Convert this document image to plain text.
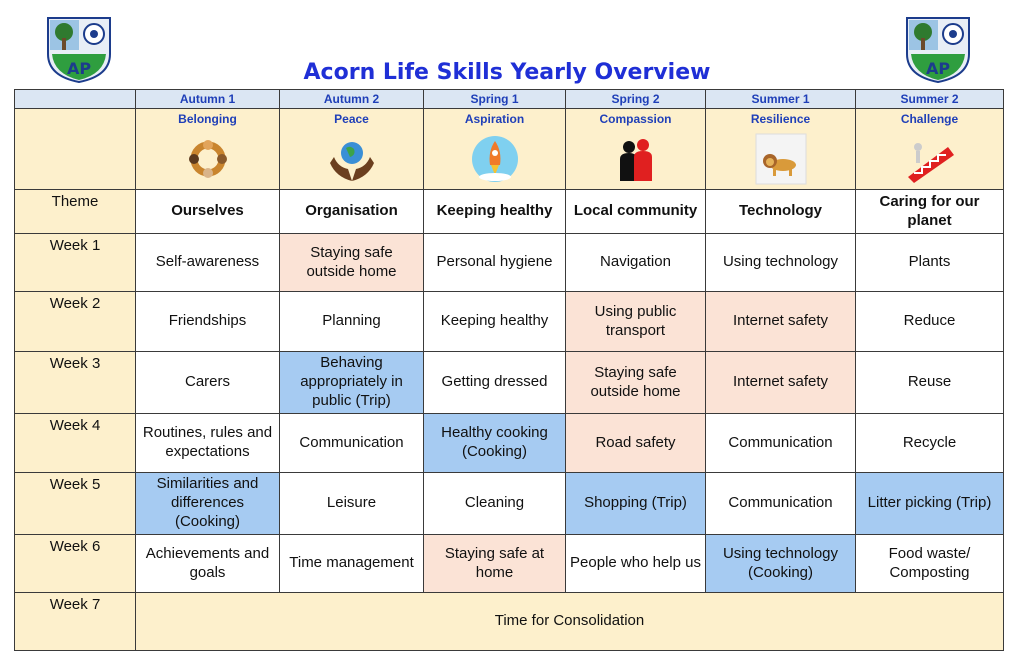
AP	AP
Acorn Life Skills Yearly Overview
	Autumn 1	Autumn 2	Spring 1	Spring 2	Summer 1	Summer 2

	Belonging	Peace	Aspiration	Compassion	Resilience	Challenge

Theme	Ourselves	Organisation	Keeping healthy	Local community	Technology	Caring for our planet
Week 1	Self-awareness	Staying safe outside home	Personal hygiene	Navigation	Using technology	Plants
Week 2	Friendships	Planning	Keeping healthy	Using public transport	Internet safety	Reduce
Week 3	Carers	Behaving appropriately in public (Trip)	Getting dressed	Staying safe outside home	Internet safety	Reuse
Week 4	Routines, rules and expectations	Communication	Healthy cooking (Cooking)	Road safety	Communication	Recycle
Week 5	Similarities and differences (Cooking)	Leisure	Cleaning	Shopping (Trip)	Communication	Litter picking (Trip)
Week 6	Achievements and goals	Time management	Staying safe at home	People who help us	Using technology (Cooking)	Food waste/ Composting
Week 7	Time for Consolidation					
